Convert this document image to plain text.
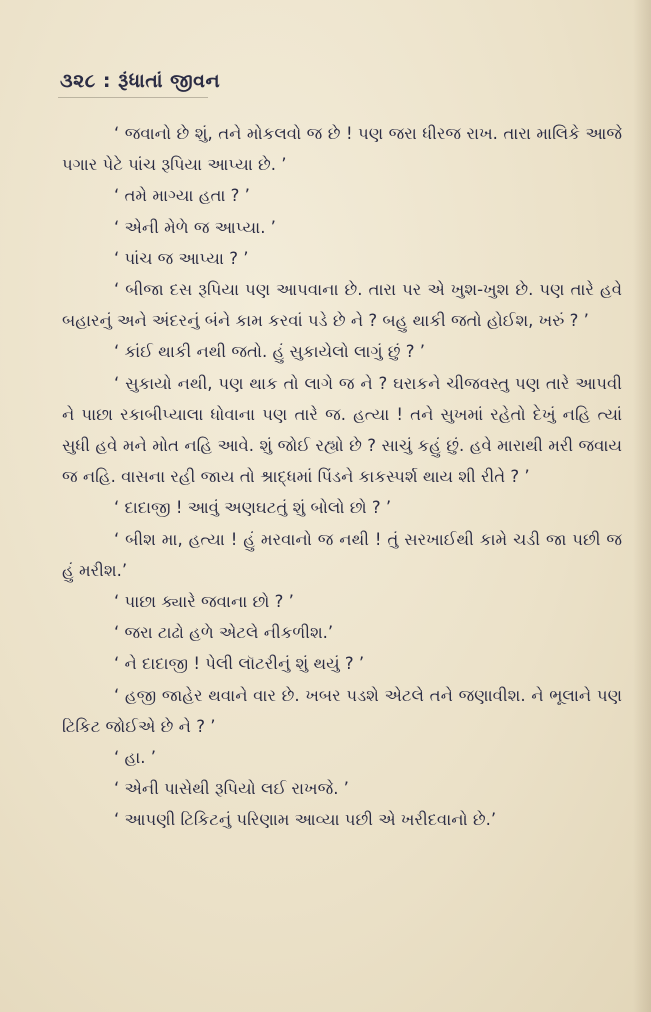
૩૨૮ : રૂંધાતાં જીવન

‘ જવાનો છે શું, તને મોકલવો જ છે ! પણ જરા ધીરજ રાખ. તારા માલિકે આજે પગાર પેટે પાંચ રૂપિયા આપ્યા છે. ’

‘ તમે માગ્યા હતા ? ’

‘ એની મેળે જ આપ્યા. ’

‘ પાંચ જ આપ્યા ? ’

‘ બીજા દસ રૂપિયા પણ આપવાના છે. તારા પર એ ખુશ-ખુશ છે. પણ તારે હવે બહારનું અને અંદરનું બંને કામ કરવાં પડે છે ને ? બહુ થાકી જતો હોઈશ, ખરું ? ’

‘ કાંઈ થાકી નથી જતો. હું સુકાયેલો લાગું છું ? ’

‘ સુકાયો નથી, પણ થાક તો લાગે જ ને ? ઘરાકને ચીજવસ્તુ પણ તારે આપવી ને પાછા રકાબીપ્યાલા ધોવાના પણ તારે જ. હત્યા ! તને સુખમાં રહેતો દેખું નહિ ત્યાં સુધી હવે મને મોત નહિ આવે. શું જોઈ રહ્યો છે ? સાચું કહું છું. હવે મારાથી મરી જવાય જ નહિ. વાસના રહી જાય તો શ્રાદ્ધમાં પિંડને કાકસ્પર્શ થાય શી રીતે ? ’

‘ દાદાજી ! આવું અણઘટતું શું બોલો છો ? ’

‘ બીશ મા, હત્યા ! હું મરવાનો જ નથી ! તું સરખાઈથી કામે ચડી જા પછી જ હું મરીશ.’

‘ પાછા ક્યારે જવાના છો ? ’

‘ જરા ટાઢો હળે એટલે નીકળીશ.’

‘ ને દાદાજી ! પેલી લૉટરીનું શું થયું ? ’

‘ હજી જાહેર થવાને વાર છે. ખબર પડશે એટલે તને જણાવીશ. ને ભૂલાને પણ ટિકિટ જોઈએ છે ને ? ’

‘ હા. ’

‘ એની પાસેથી રૂપિયો લઈ રાખજે. ’

‘ આપણી ટિકિટનું પરિણામ આવ્યા પછી એ ખરીદવાનો છે.’
